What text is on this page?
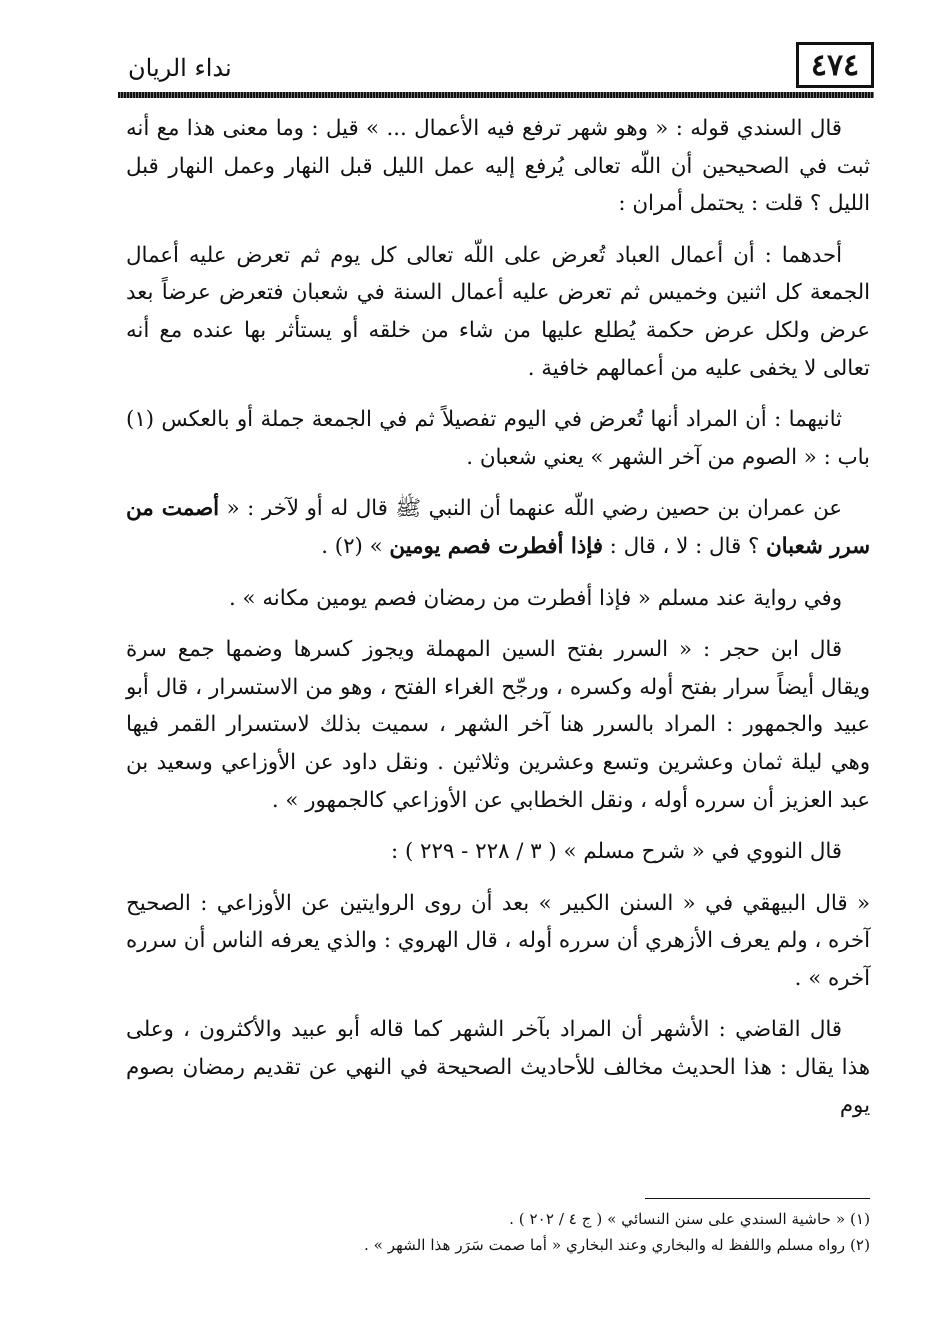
نداء الريان	٤٧٤

قال السندي قوله : « وهو شهر ترفع فيه الأعمال ... » قيل : وما معنى هذا مع أنه ثبت في الصحيحين أن اللّه تعالى يُرفع إليه عمل الليل قبل النهار وعمل النهار قبل الليل ؟ قلت : يحتمل أمران :

أحدهما : أن أعمال العباد تُعرض على اللّه تعالى كل يوم ثم تعرض عليه أعمال الجمعة كل اثنين وخميس ثم تعرض عليه أعمال السنة في شعبان فتعرض عرضاً بعد عرض ولكل عرض حكمة يُطلع عليها من شاء من خلقه أو يستأثر بها عنده مع أنه تعالى لا يخفى عليه من أعمالهم خافية .

ثانيهما : أن المراد أنها تُعرض في اليوم تفصيلاً ثم في الجمعة جملة أو بالعكس (١) باب : « الصوم من آخر الشهر » يعني شعبان .

عن عمران بن حصين رضي اللّه عنهما أن النبي ﷺ قال له أو لآخر : « أصمت من سرر شعبان ؟ قال : لا ، قال : فإذا أفطرت فصم يومين » (٢) .

وفي رواية عند مسلم « فإذا أفطرت من رمضان فصم يومين مكانه » .

قال ابن حجر : « السرر بفتح السين المهملة ويجوز كسرها وضمها جمع سرة ويقال أيضاً سرار بفتح أوله وكسره ، ورجّح الغراء الفتح ، وهو من الاستسرار ، قال أبو عبيد والجمهور : المراد بالسرر هنا آخر الشهر ، سميت بذلك لاستسرار القمر فيها وهي ليلة ثمان وعشرين وتسع وعشرين وثلاثين . ونقل داود عن الأوزاعي وسعيد بن عبد العزيز أن سرره أوله ، ونقل الخطابي عن الأوزاعي كالجمهور » .

قال النووي في « شرح مسلم » ( ٣ / ٢٢٨ - ٢٢٩ ) :

« قال البيهقي في « السنن الكبير » بعد أن روى الروايتين عن الأوزاعي : الصحيح آخره ، ولم يعرف الأزهري أن سرره أوله ، قال الهروي : والذي يعرفه الناس أن سرره آخره » .

قال القاضي : الأشهر أن المراد بآخر الشهر كما قاله أبو عبيد والأكثرون ، وعلى هذا يقال : هذا الحديث مخالف للأحاديث الصحيحة في النهي عن تقديم رمضان بصوم يوم

(١) « حاشية السندي على سنن النسائي » ( ج ٤ / ٢٠٢ ) .

(٢) رواه مسلم واللفظ له والبخاري وعند البخاري « أما صمت سَرَر هذا الشهر » .
